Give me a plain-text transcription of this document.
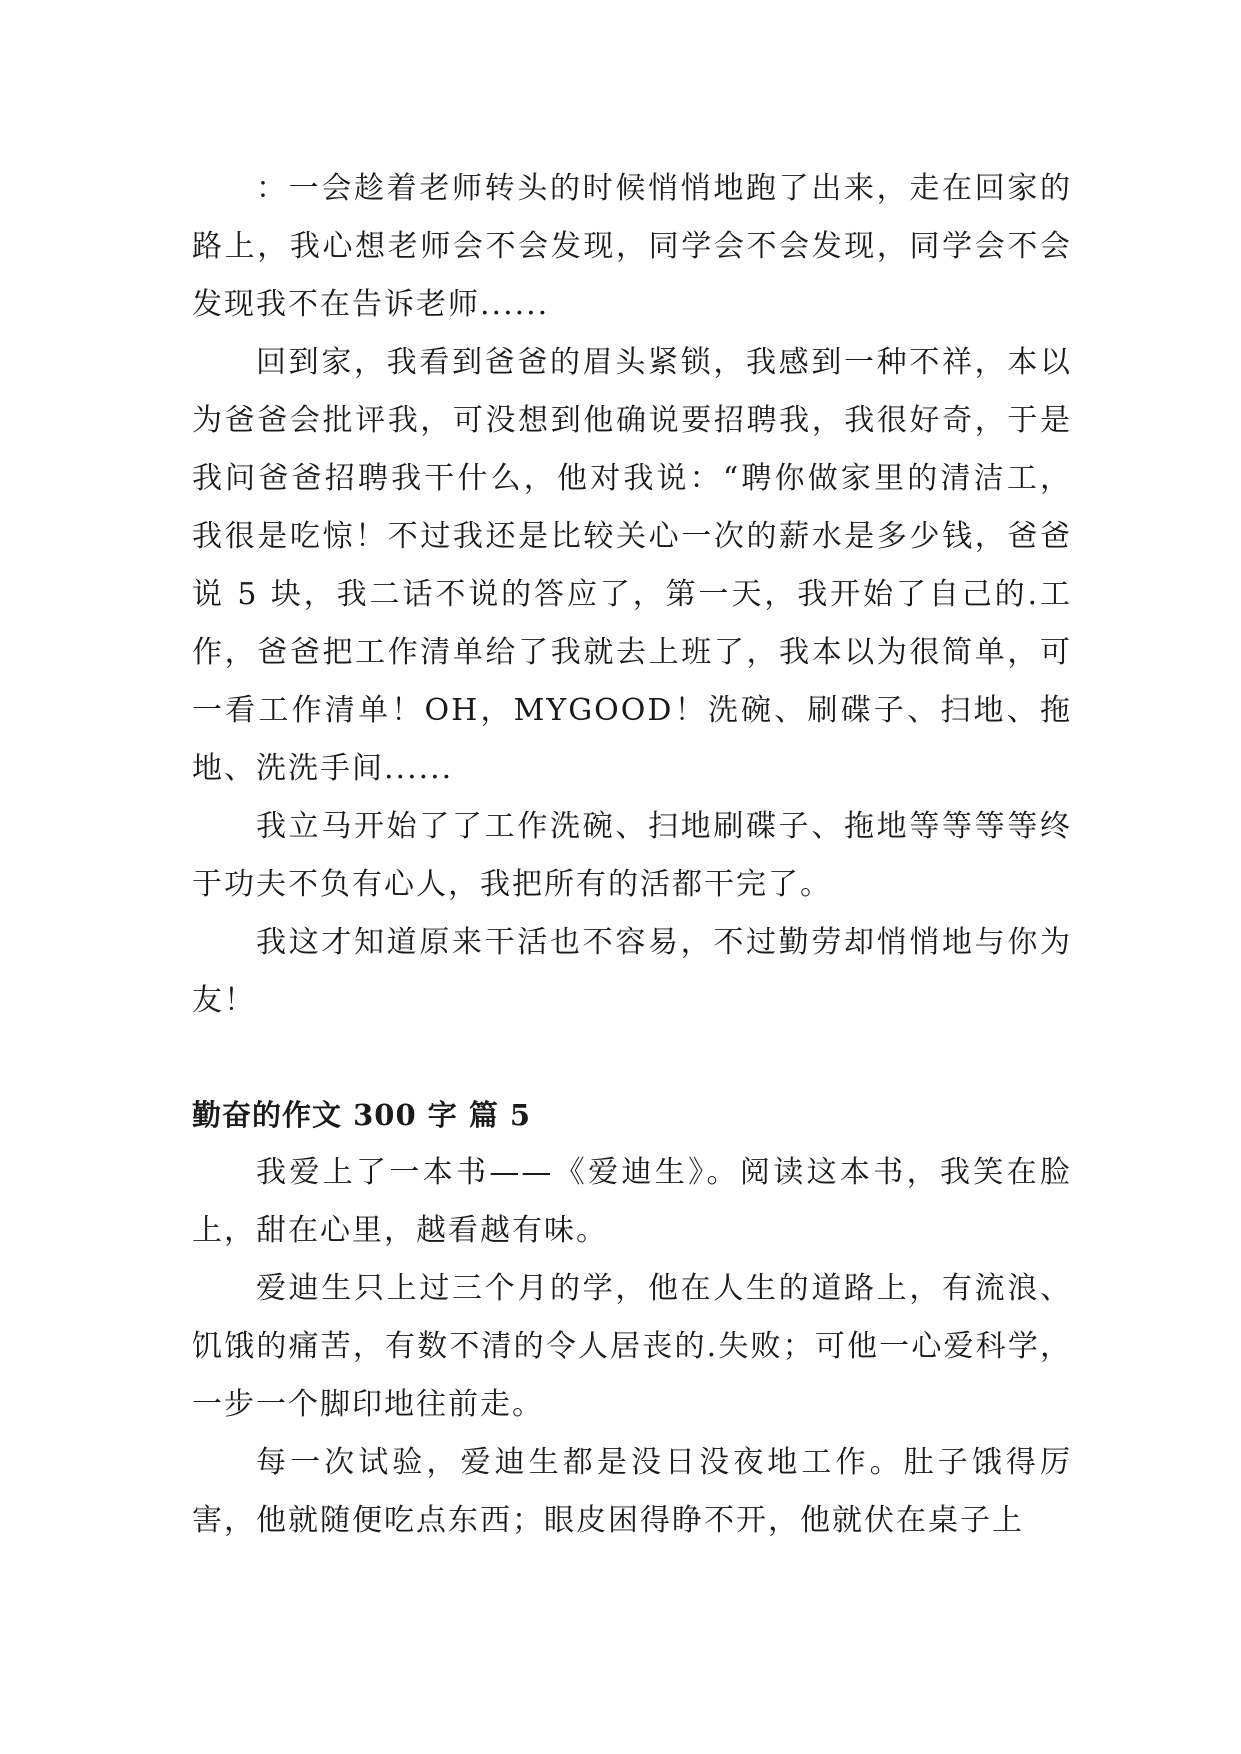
：一会趁着老师转头的时候悄悄地跑了出来，走在回家的路上，我心想老师会不会发现，同学会不会发现，同学会不会发现我不在告诉老师......

回到家，我看到爸爸的眉头紧锁，我感到一种不祥，本以为爸爸会批评我，可没想到他确说要招聘我，我很好奇，于是我问爸爸招聘我干什么，他对我说：“聘你做家里的清洁工，我很是吃惊！不过我还是比较关心一次的薪水是多少钱，爸爸说 5 块，我二话不说的答应了，第一天，我开始了自己的.工作，爸爸把工作清单给了我就去上班了，我本以为很简单，可一看工作清单！OH，MYGOOD！洗碗、刷碟子、扫地、拖地、洗洗手间......

我立马开始了了工作洗碗、扫地刷碟子、拖地等等等等终于功夫不负有心人，我把所有的活都干完了。

我这才知道原来干活也不容易，不过勤劳却悄悄地与你为友！

勤奋的作文 300 字 篇 5

我爱上了一本书——《爱迪生》。阅读这本书，我笑在脸上，甜在心里，越看越有味。

爱迪生只上过三个月的学，他在人生的道路上，有流浪、饥饿的痛苦，有数不清的令人居丧的.失败；可他一心爱科学，一步一个脚印地往前走。

每一次试验，爱迪生都是没日没夜地工作。肚子饿得厉害，他就随便吃点东西；眼皮困得睁不开，他就伏在桌子上
